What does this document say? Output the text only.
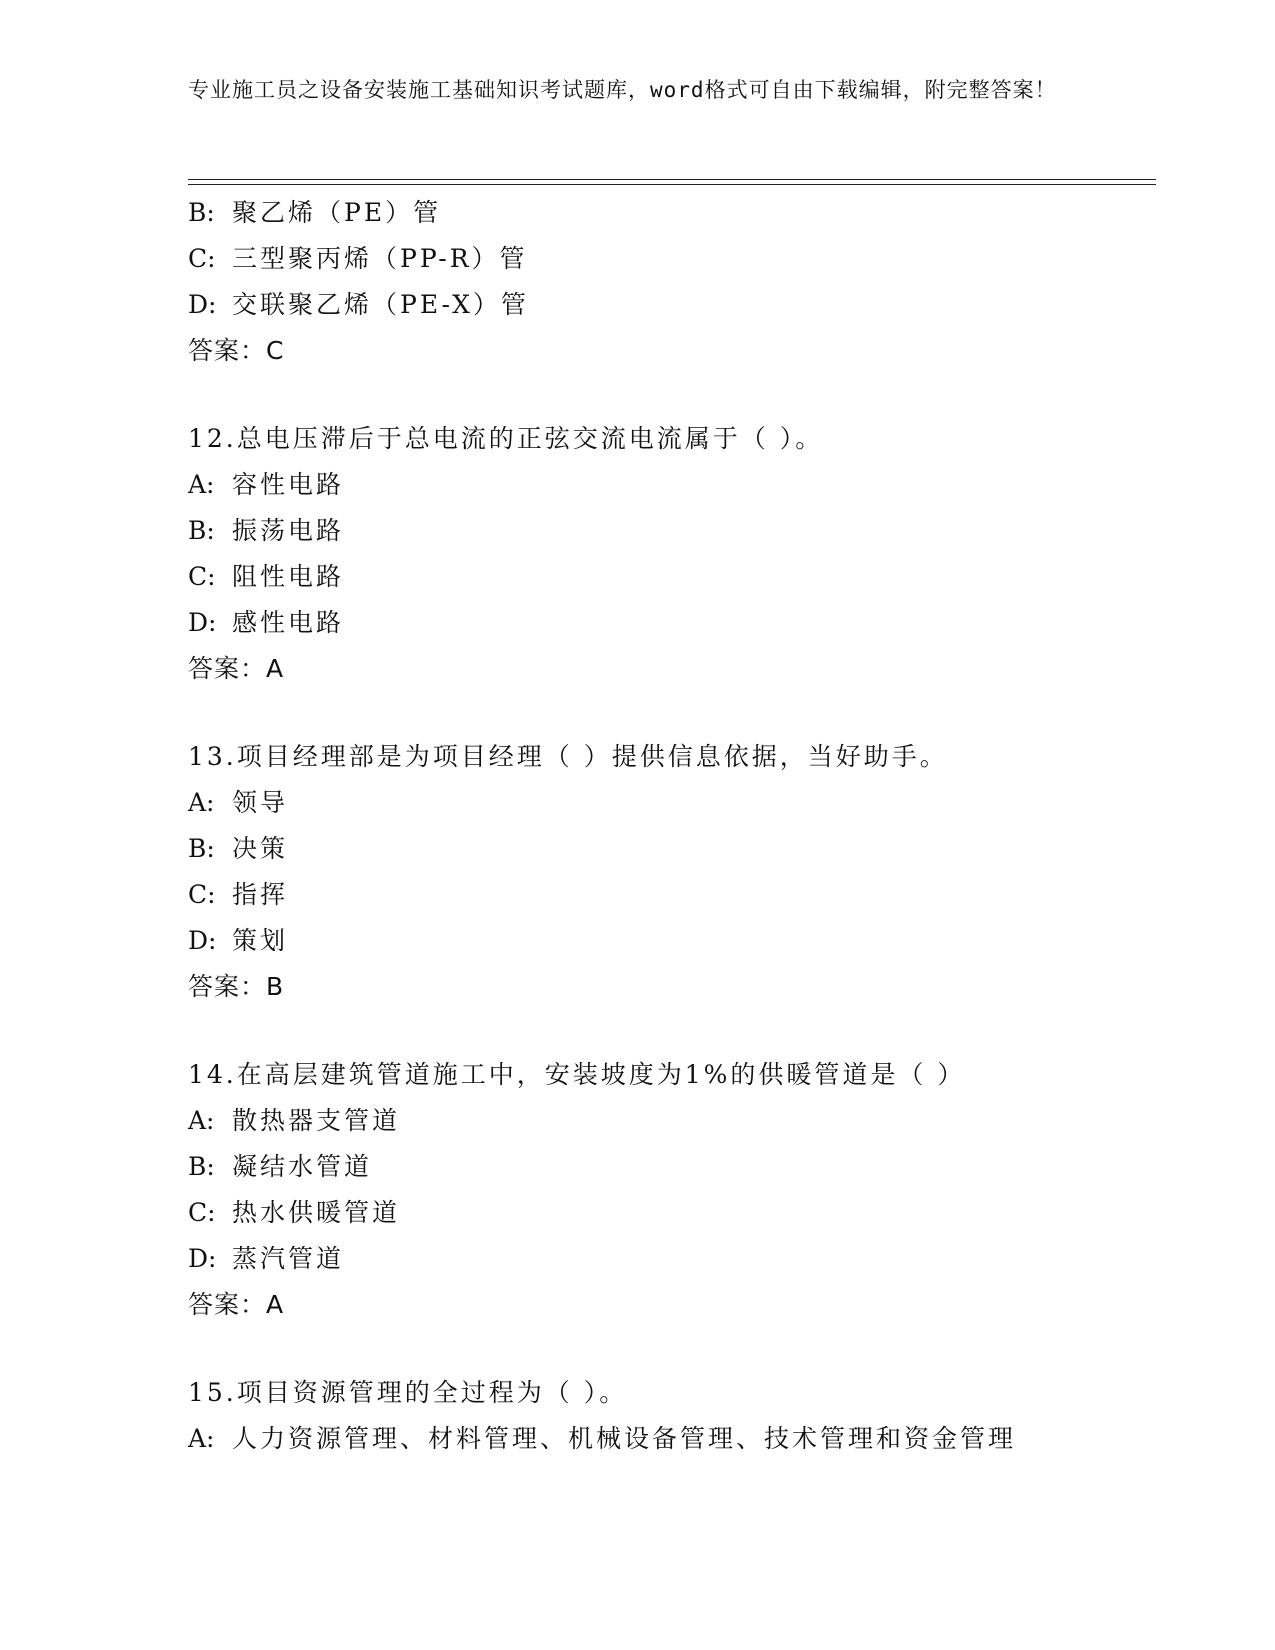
专业施工员之设备安装施工基础知识考试题库，word格式可自由下载编辑，附完整答案！
B: 聚乙烯（PE）管
C: 三型聚丙烯（PP-R）管
D: 交联聚乙烯（PE-X）管
答案：C
12.总电压滞后于总电流的正弦交流电流属于（ ）。
A: 容性电路
B: 振荡电路
C: 阻性电路
D: 感性电路
答案：A
13.项目经理部是为项目经理（ ）提供信息依据，当好助手。
A: 领导
B: 决策
C: 指挥
D: 策划
答案：B
14.在高层建筑管道施工中，安装坡度为1%的供暖管道是（ ）
A: 散热器支管道
B: 凝结水管道
C: 热水供暖管道
D: 蒸汽管道
答案：A
15.项目资源管理的全过程为（ ）。
A: 人力资源管理、材料管理、机械设备管理、技术管理和资金管理
